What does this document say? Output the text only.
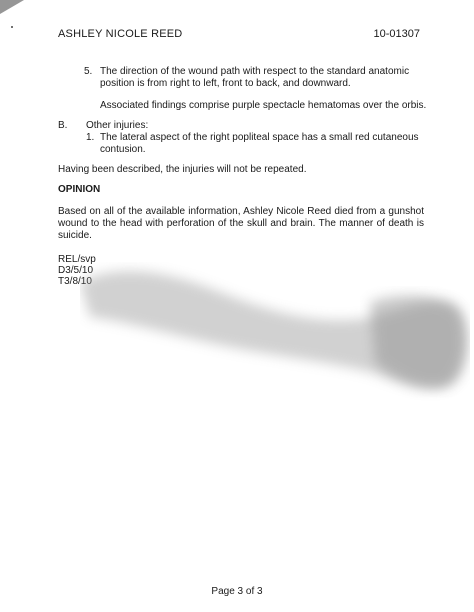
ASHLEY NICOLE REED	10-01307
5. The direction of the wound path with respect to the standard anatomic position is from right to left, front to back, and downward.
Associated findings comprise purple spectacle hematomas over the orbis.
B. Other injuries:
1. The lateral aspect of the right popliteal space has a small red cutaneous contusion.
Having been described, the injuries will not be repeated.
OPINION
Based on all of the available information, Ashley Nicole Reed died from a gunshot wound to the head with perforation of the skull and brain. The manner of death is suicide.
REL/svp
D3/5/10
T3/8/10
Page 3 of 3
